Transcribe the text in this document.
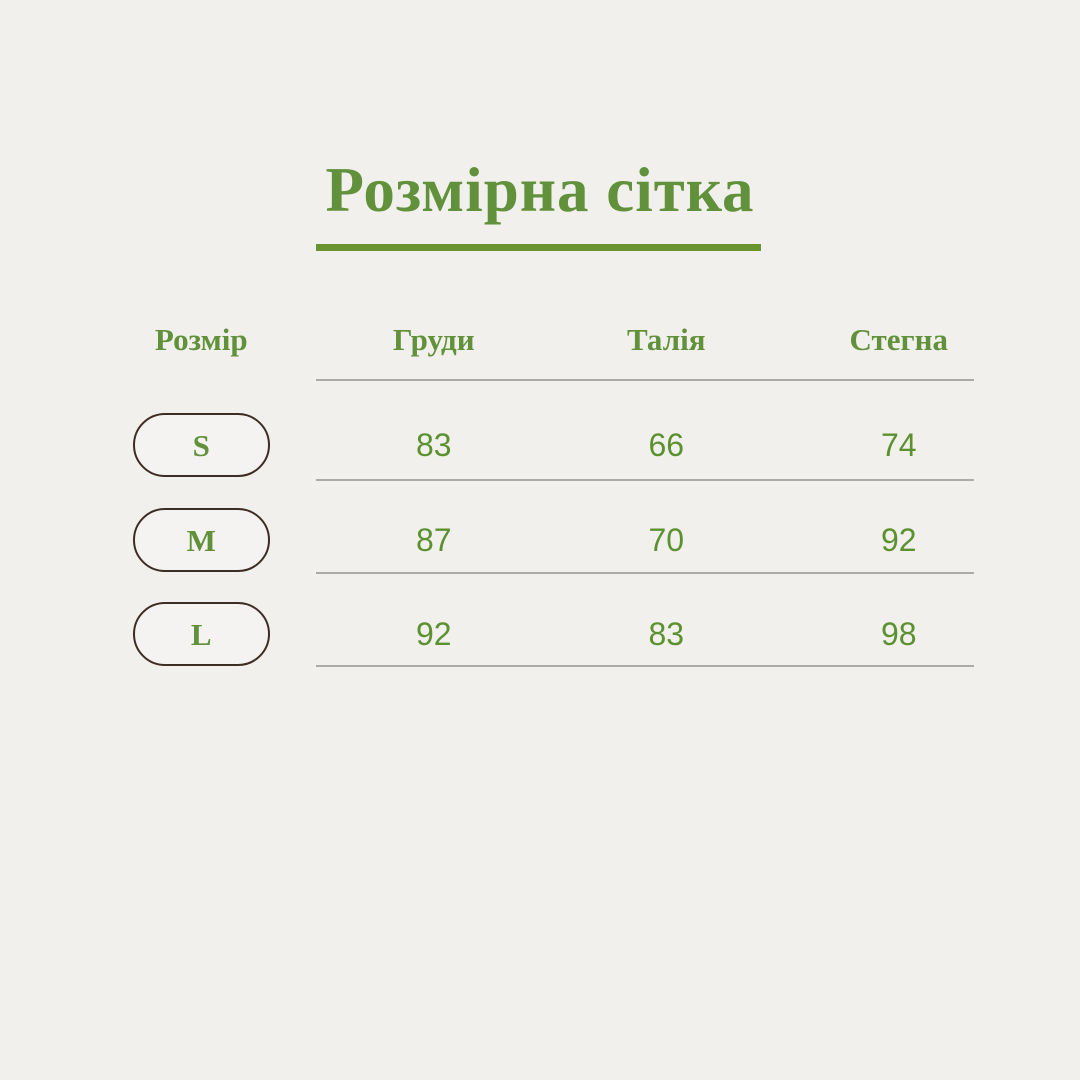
Розмірна сітка
Розмір	Груди	Талія	Стегна
S	83	66	74
M	87	70	92
L	92	83	98
